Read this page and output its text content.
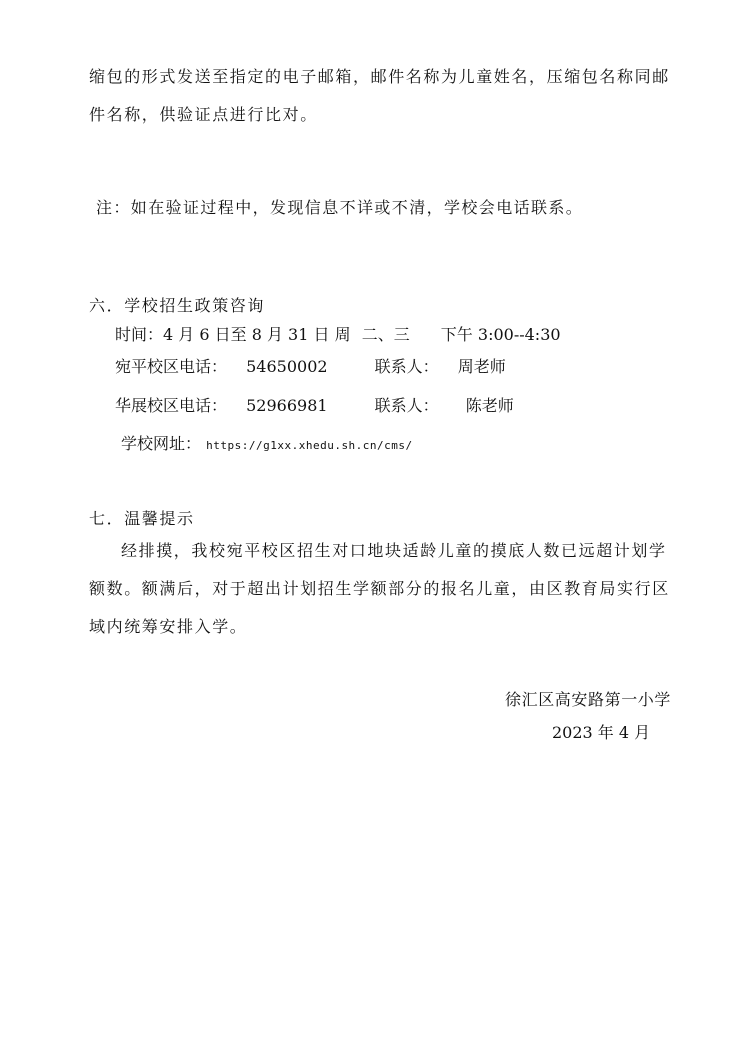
缩包的形式发送至指定的电子邮箱，邮件名称为儿童姓名，压缩包名称同邮
件名称，供验证点进行比对。
注：如在验证过程中，发现信息不详或不清，学校会电话联系。
六．学校招生政策咨询
时间：4 月 6 日至 8 月 31 日 周 二、三 下午 3:00--4:30
宛平校区电话： 54650002	联系人： 周老师
华展校区电话： 52966981	联系人： 陈老师
学校网址： https://g1xx.xhedu.sh.cn/cms/
七．温馨提示
经排摸，我校宛平校区招生对口地块适龄儿童的摸底人数已远超计划学
额数。额满后，对于超出计划招生学额部分的报名儿童，由区教育局实行区
域内统筹安排入学。
徐汇区高安路第一小学
2023 年 4 月
